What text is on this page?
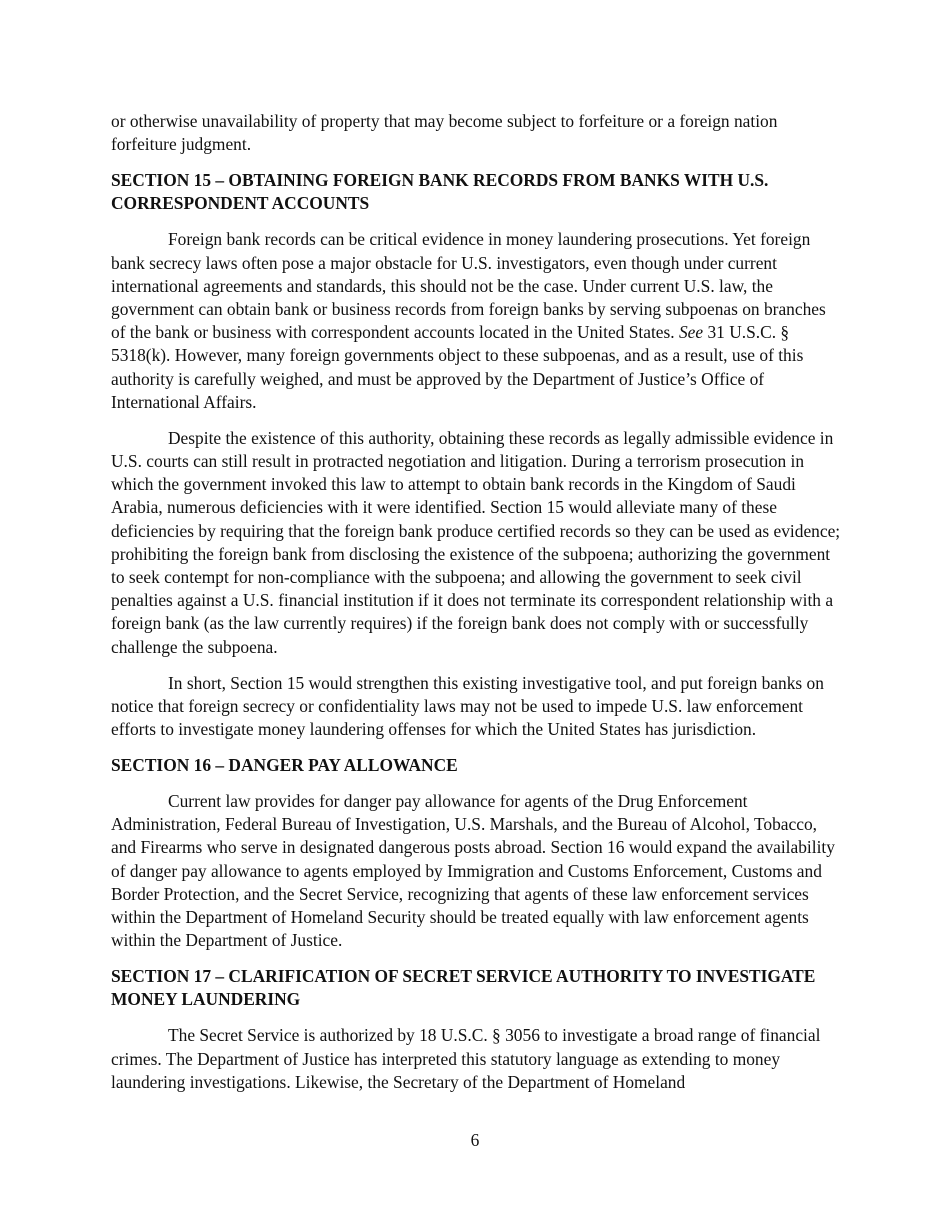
or otherwise unavailability of property that may become subject to forfeiture or a foreign nation forfeiture judgment.

SECTION 15 – OBTAINING FOREIGN BANK RECORDS FROM BANKS WITH U.S. CORRESPONDENT ACCOUNTS

Foreign bank records can be critical evidence in money laundering prosecutions. Yet foreign bank secrecy laws often pose a major obstacle for U.S. investigators, even though under current international agreements and standards, this should not be the case. Under current U.S. law, the government can obtain bank or business records from foreign banks by serving subpoenas on branches of the bank or business with correspondent accounts located in the United States. See 31 U.S.C. § 5318(k). However, many foreign governments object to these subpoenas, and as a result, use of this authority is carefully weighed, and must be approved by the Department of Justice’s Office of International Affairs.

Despite the existence of this authority, obtaining these records as legally admissible evidence in U.S. courts can still result in protracted negotiation and litigation. During a terrorism prosecution in which the government invoked this law to attempt to obtain bank records in the Kingdom of Saudi Arabia, numerous deficiencies with it were identified. Section 15 would alleviate many of these deficiencies by requiring that the foreign bank produce certified records so they can be used as evidence; prohibiting the foreign bank from disclosing the existence of the subpoena; authorizing the government to seek contempt for non-compliance with the subpoena; and allowing the government to seek civil penalties against a U.S. financial institution if it does not terminate its correspondent relationship with a foreign bank (as the law currently requires) if the foreign bank does not comply with or successfully challenge the subpoena.

In short, Section 15 would strengthen this existing investigative tool, and put foreign banks on notice that foreign secrecy or confidentiality laws may not be used to impede U.S. law enforcement efforts to investigate money laundering offenses for which the United States has jurisdiction.

SECTION 16 – DANGER PAY ALLOWANCE

Current law provides for danger pay allowance for agents of the Drug Enforcement Administration, Federal Bureau of Investigation, U.S. Marshals, and the Bureau of Alcohol, Tobacco, and Firearms who serve in designated dangerous posts abroad. Section 16 would expand the availability of danger pay allowance to agents employed by Immigration and Customs Enforcement, Customs and Border Protection, and the Secret Service, recognizing that agents of these law enforcement services within the Department of Homeland Security should be treated equally with law enforcement agents within the Department of Justice.

SECTION 17 – CLARIFICATION OF SECRET SERVICE AUTHORITY TO INVESTIGATE MONEY LAUNDERING

The Secret Service is authorized by 18 U.S.C. § 3056 to investigate a broad range of financial crimes. The Department of Justice has interpreted this statutory language as extending to money laundering investigations. Likewise, the Secretary of the Department of Homeland

6
